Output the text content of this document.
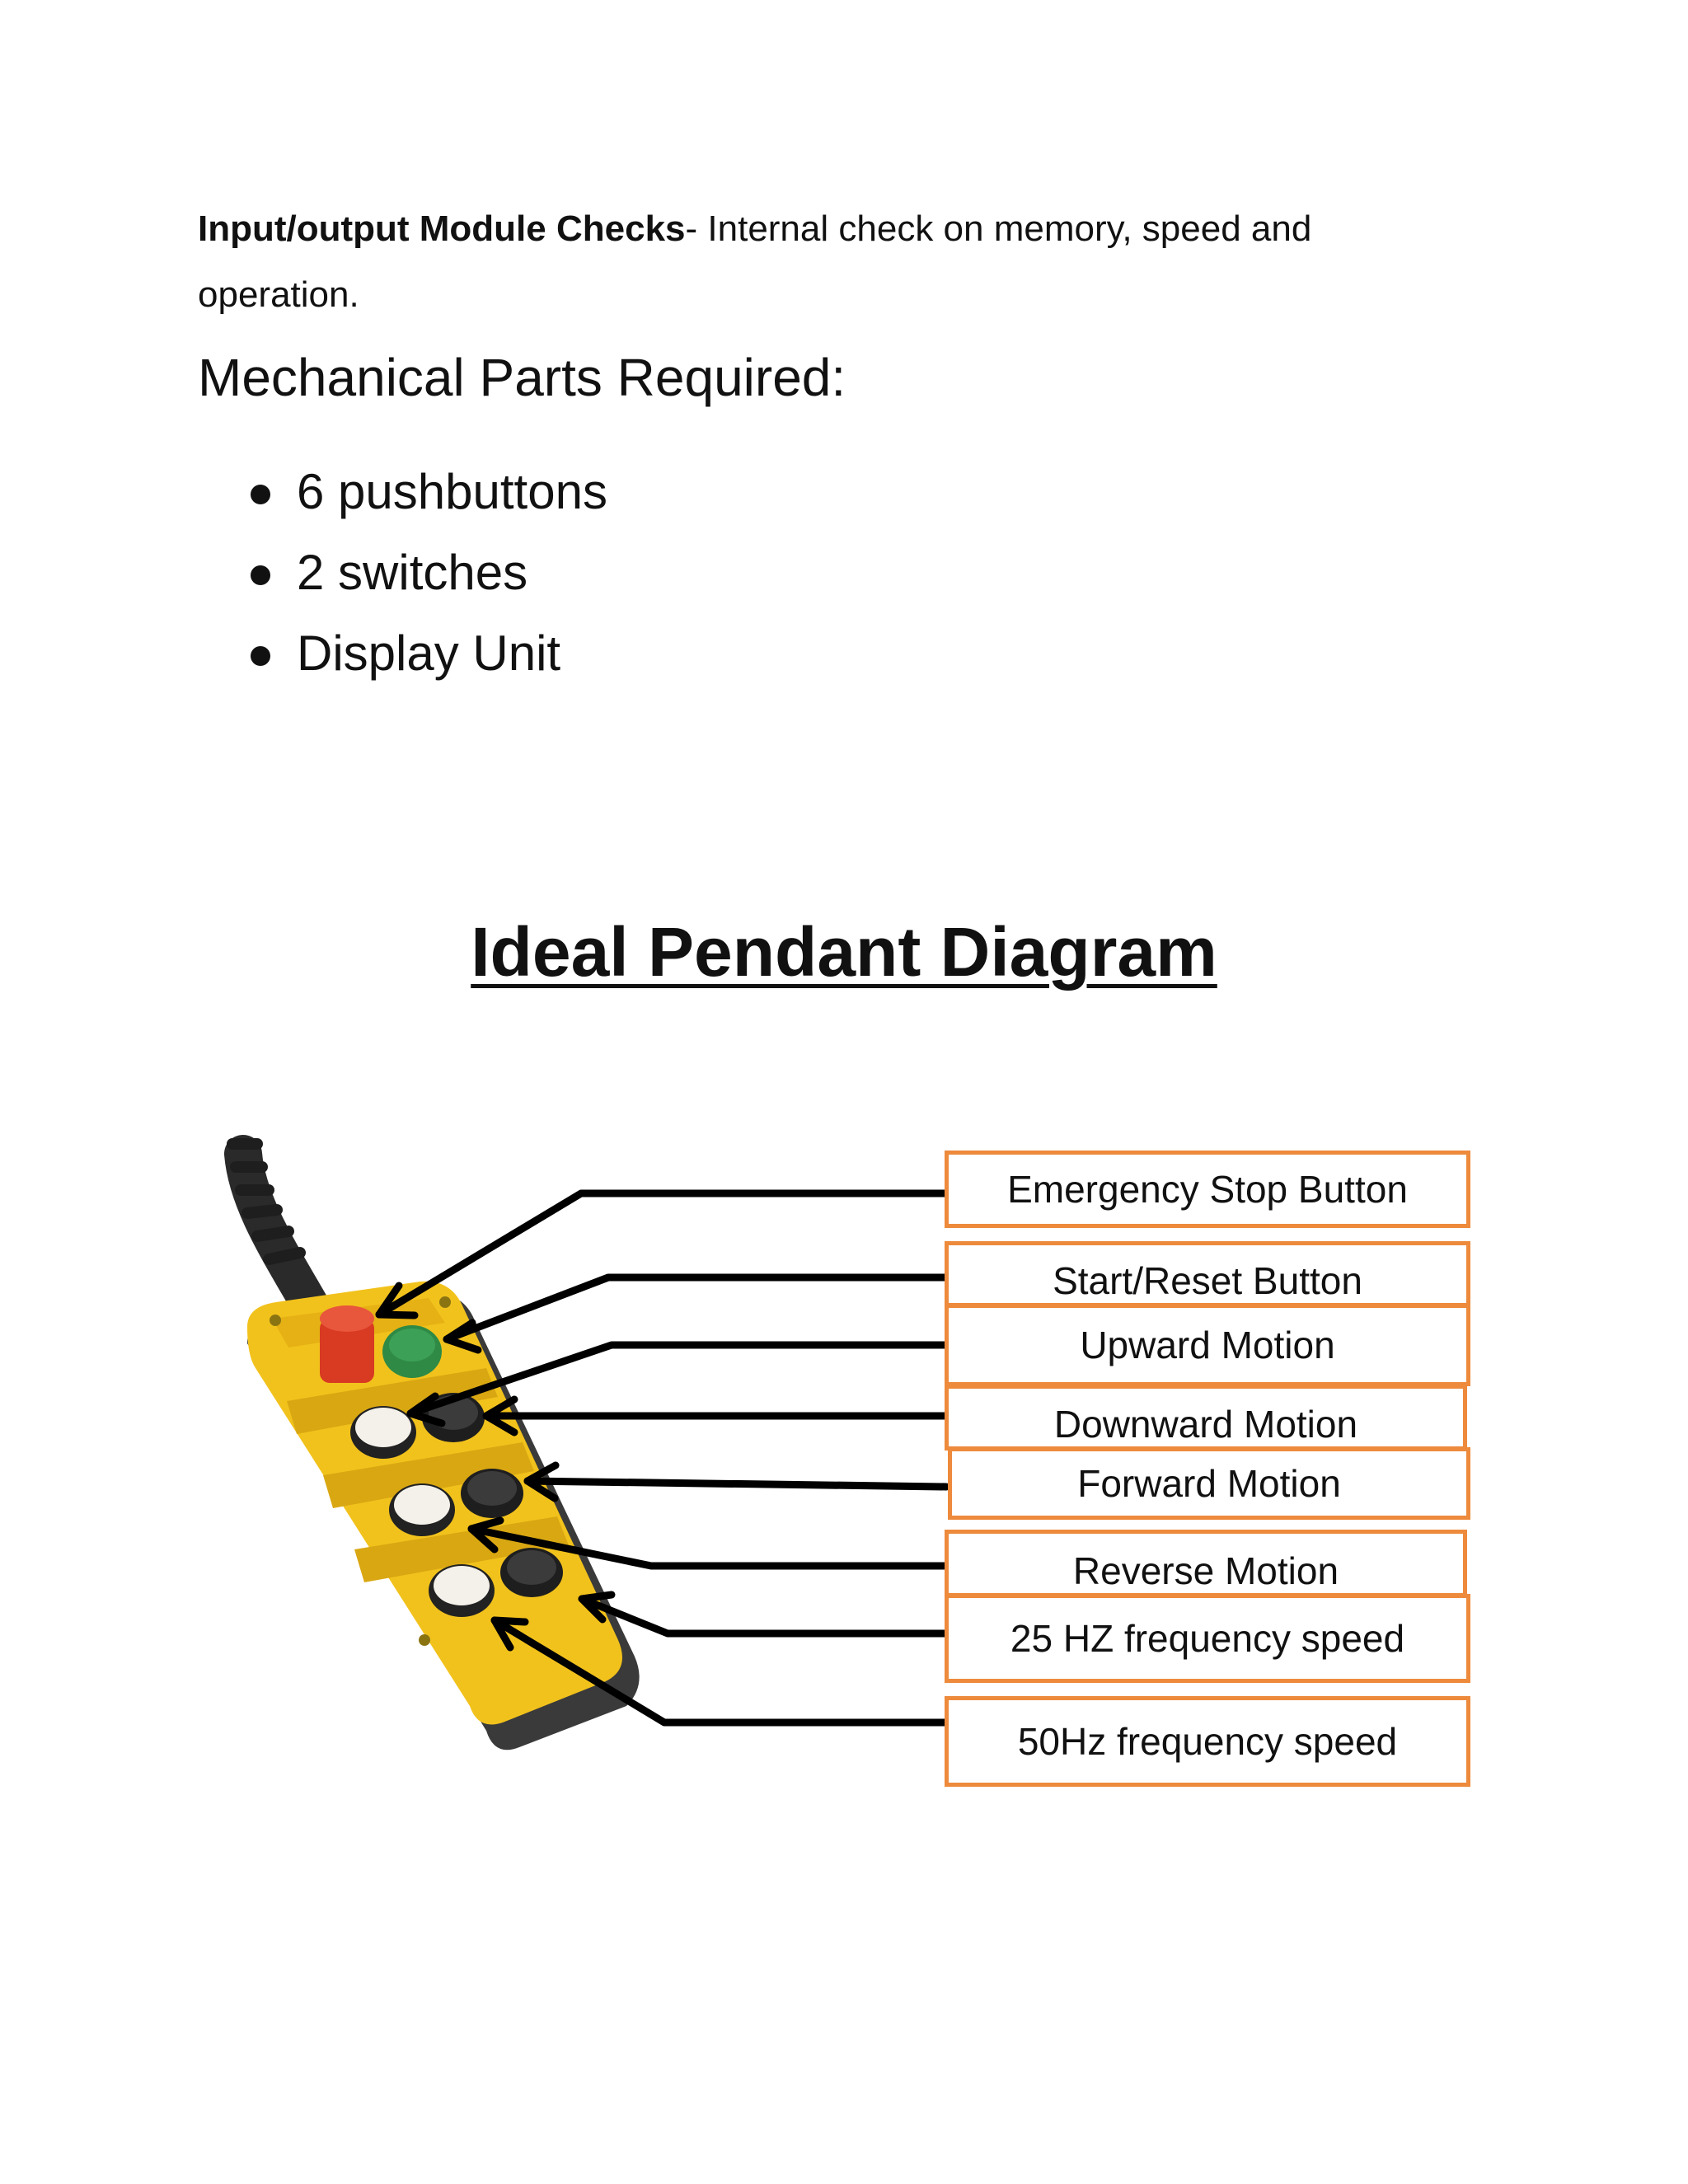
Input/output Module Checks- Internal check on memory, speed and operation.
Mechanical Parts Required:
6 pushbuttons
2 switches
Display Unit
Ideal Pendant Diagram
Emergency Stop Button
Start/Reset Button
Upward Motion
Downward Motion
Forward Motion
Reverse Motion
25 HZ frequency speed
50Hz frequency speed
